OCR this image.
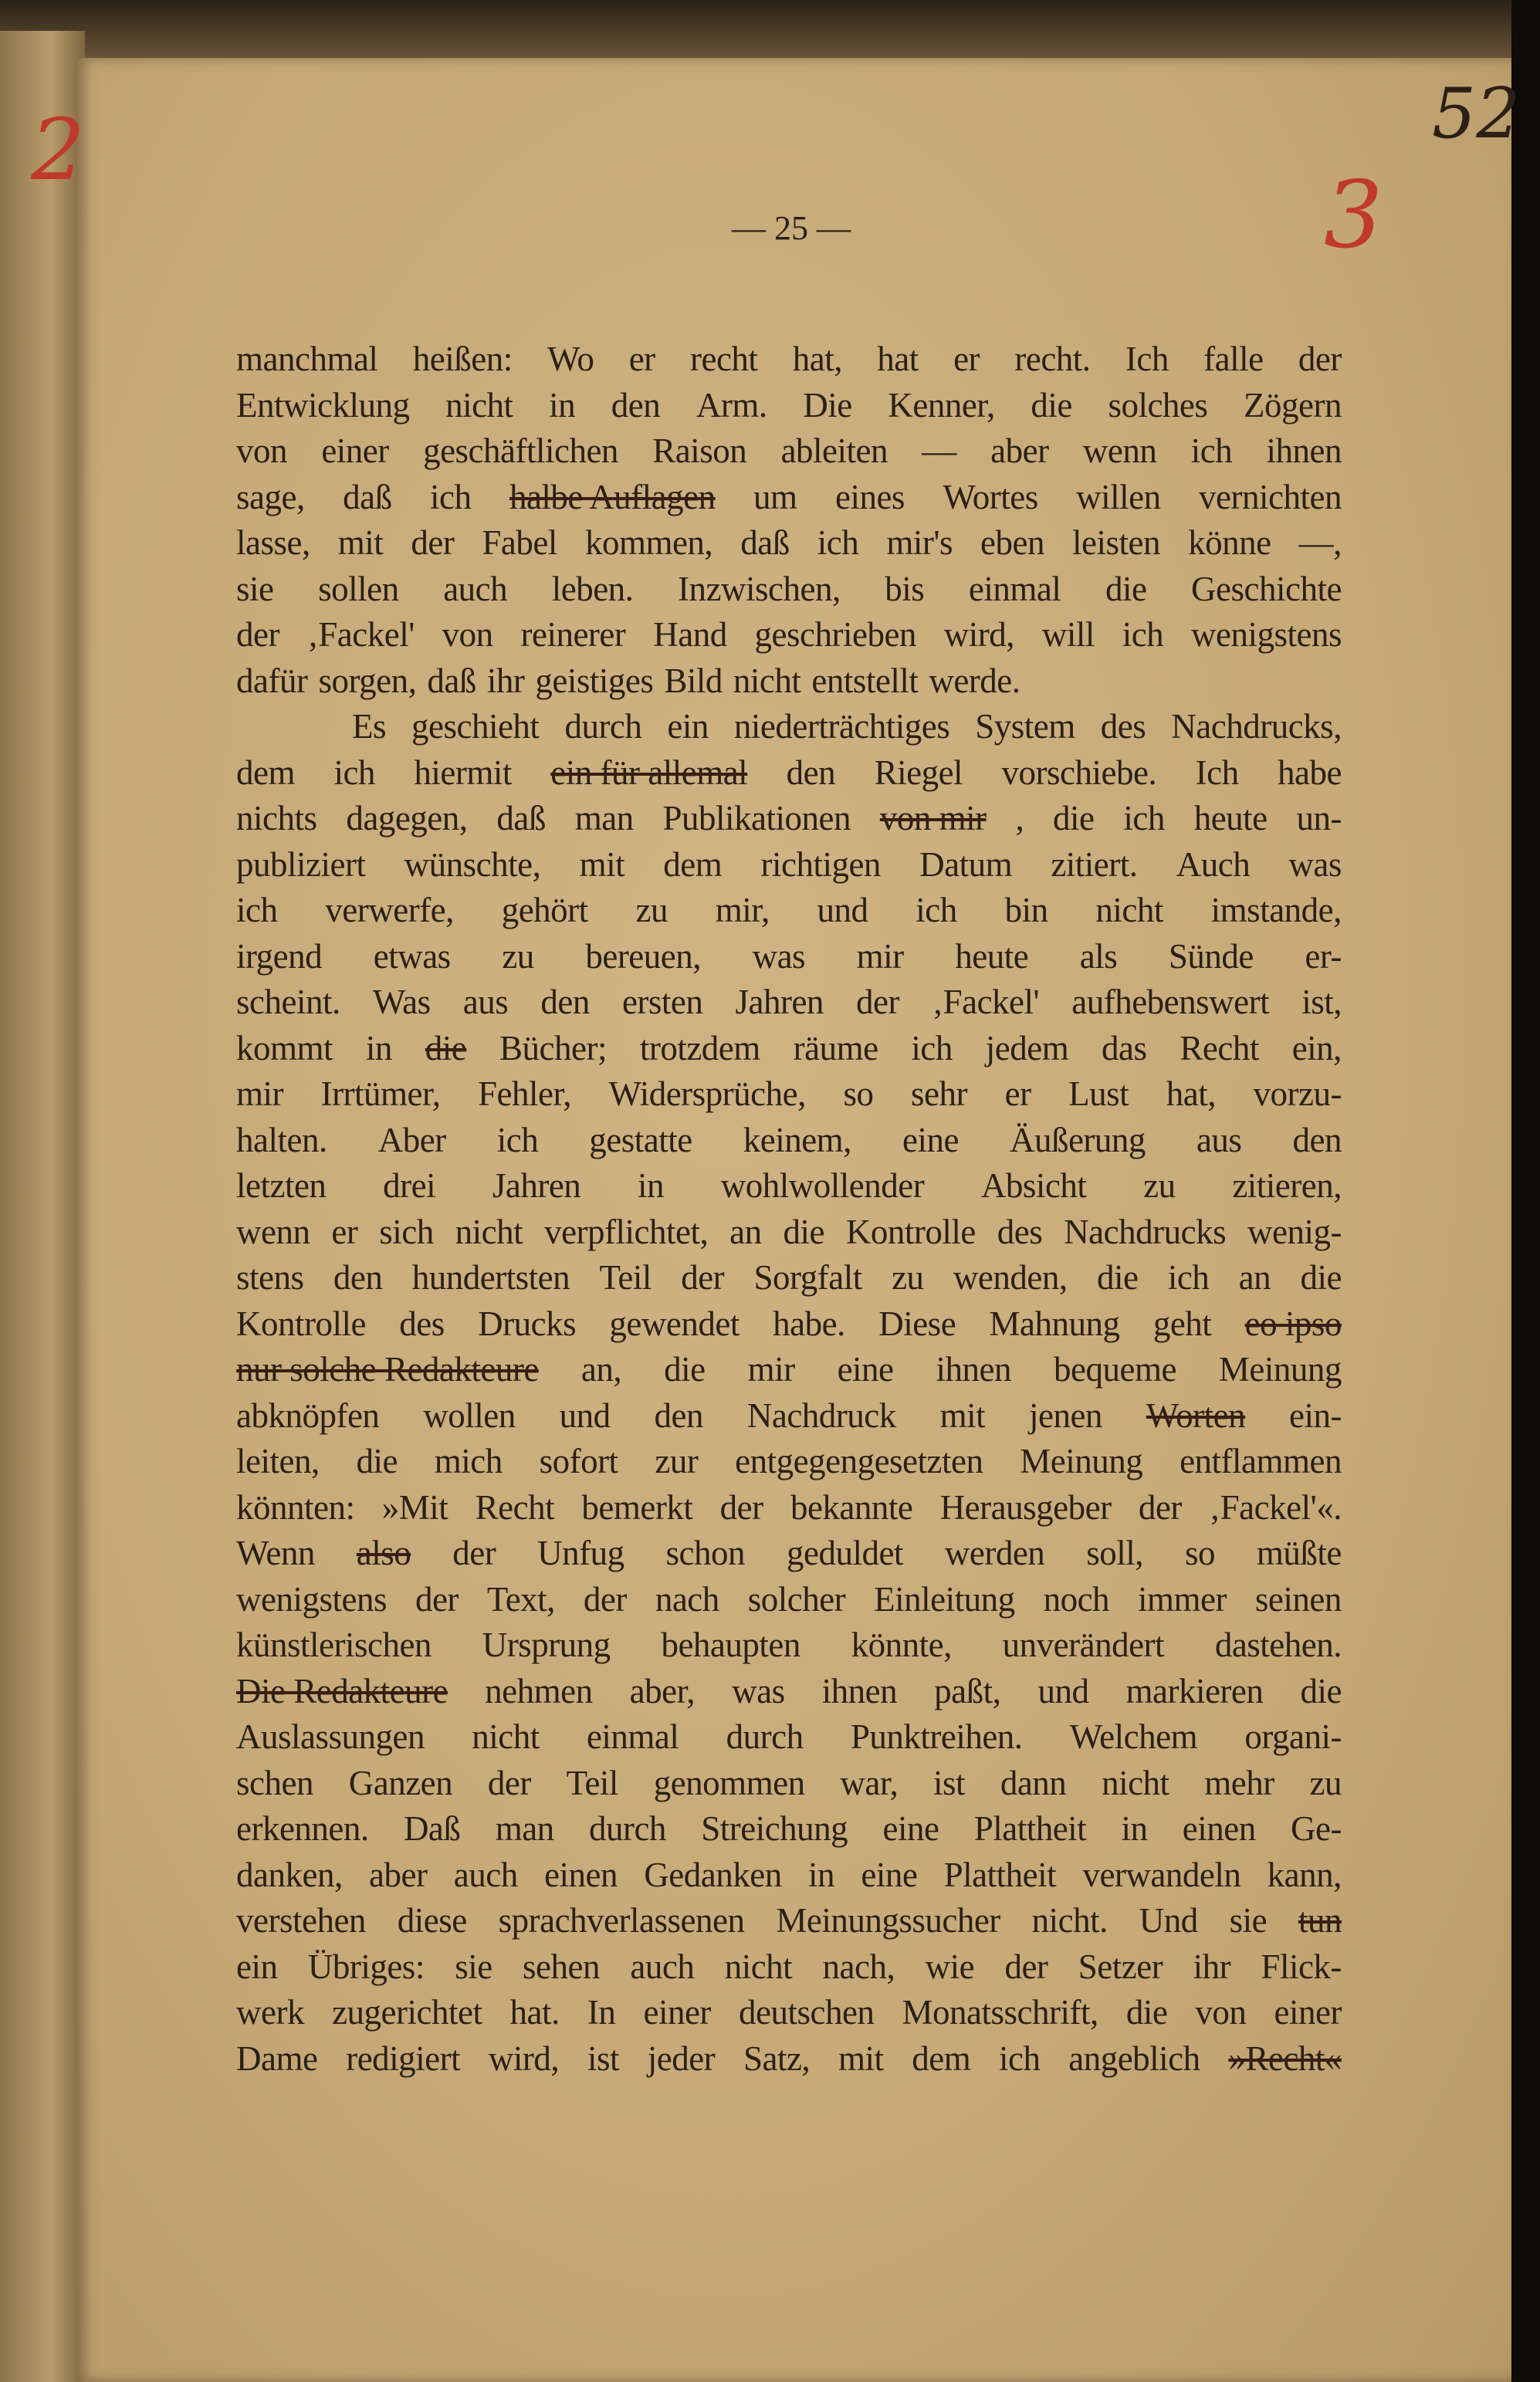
52
3
2
— 25 —
manchmal heißen: Wo er recht hat, hat er recht. Ich falle der
Entwicklung nicht in den Arm. Die Kenner, die solches Zögern
von einer geschäftlichen Raison ableiten — aber wenn ich ihnen
sage, daß ich halbe Auflagen um eines Wortes willen vernichten
lasse, mit der Fabel kommen, daß ich mir's eben leisten könne —,
sie sollen auch leben. Inzwischen, bis einmal die Geschichte
der ‚Fackel' von reinerer Hand geschrieben wird, will ich wenigstens
dafür sorgen, daß ihr geistiges Bild nicht entstellt werde.
Es geschieht durch ein niederträchtiges System des Nachdrucks,
dem ich hiermit ein für allemal den Riegel vorschiebe. Ich habe
nichts dagegen, daß man Publikationen von mir , die ich heute un-
publiziert wünschte, mit dem richtigen Datum zitiert. Auch was
ich verwerfe, gehört zu mir, und ich bin nicht imstande,
irgend etwas zu bereuen, was mir heute als Sünde er-
scheint. Was aus den ersten Jahren der ‚Fackel' aufhebenswert ist,
kommt in die Bücher; trotzdem räume ich jedem das Recht ein,
mir Irrtümer, Fehler, Widersprüche, so sehr er Lust hat, vorzu-
halten. Aber ich gestatte keinem, eine Äußerung aus den
letzten drei Jahren in wohlwollender Absicht zu zitieren,
wenn er sich nicht verpflichtet, an die Kontrolle des Nachdrucks wenig-
stens den hundertsten Teil der Sorgfalt zu wenden, die ich an die
Kontrolle des Drucks gewendet habe. Diese Mahnung geht eo ipso
nur solche Redakteure an, die mir eine ihnen bequeme Meinung
abknöpfen wollen und den Nachdruck mit jenen Worten ein-
leiten, die mich sofort zur entgegengesetzten Meinung entflammen
könnten: »Mit Recht bemerkt der bekannte Herausgeber der ‚Fackel'«.
Wenn also der Unfug schon geduldet werden soll, so müßte
wenigstens der Text, der nach solcher Einleitung noch immer seinen
künstlerischen Ursprung behaupten könnte, unverändert dastehen.
Die Redakteure nehmen aber, was ihnen paßt, und markieren die
Auslassungen nicht einmal durch Punktreihen. Welchem organi-
schen Ganzen der Teil genommen war, ist dann nicht mehr zu
erkennen. Daß man durch Streichung eine Plattheit in einen Ge-
danken, aber auch einen Gedanken in eine Plattheit verwandeln kann,
verstehen diese sprachverlassenen Meinungssucher nicht. Und sie tun
ein Übriges: sie sehen auch nicht nach, wie der Setzer ihr Flick-
werk zugerichtet hat. In einer deutschen Monatsschrift, die von einer
Dame redigiert wird, ist jeder Satz, mit dem ich angeblich »Recht«
